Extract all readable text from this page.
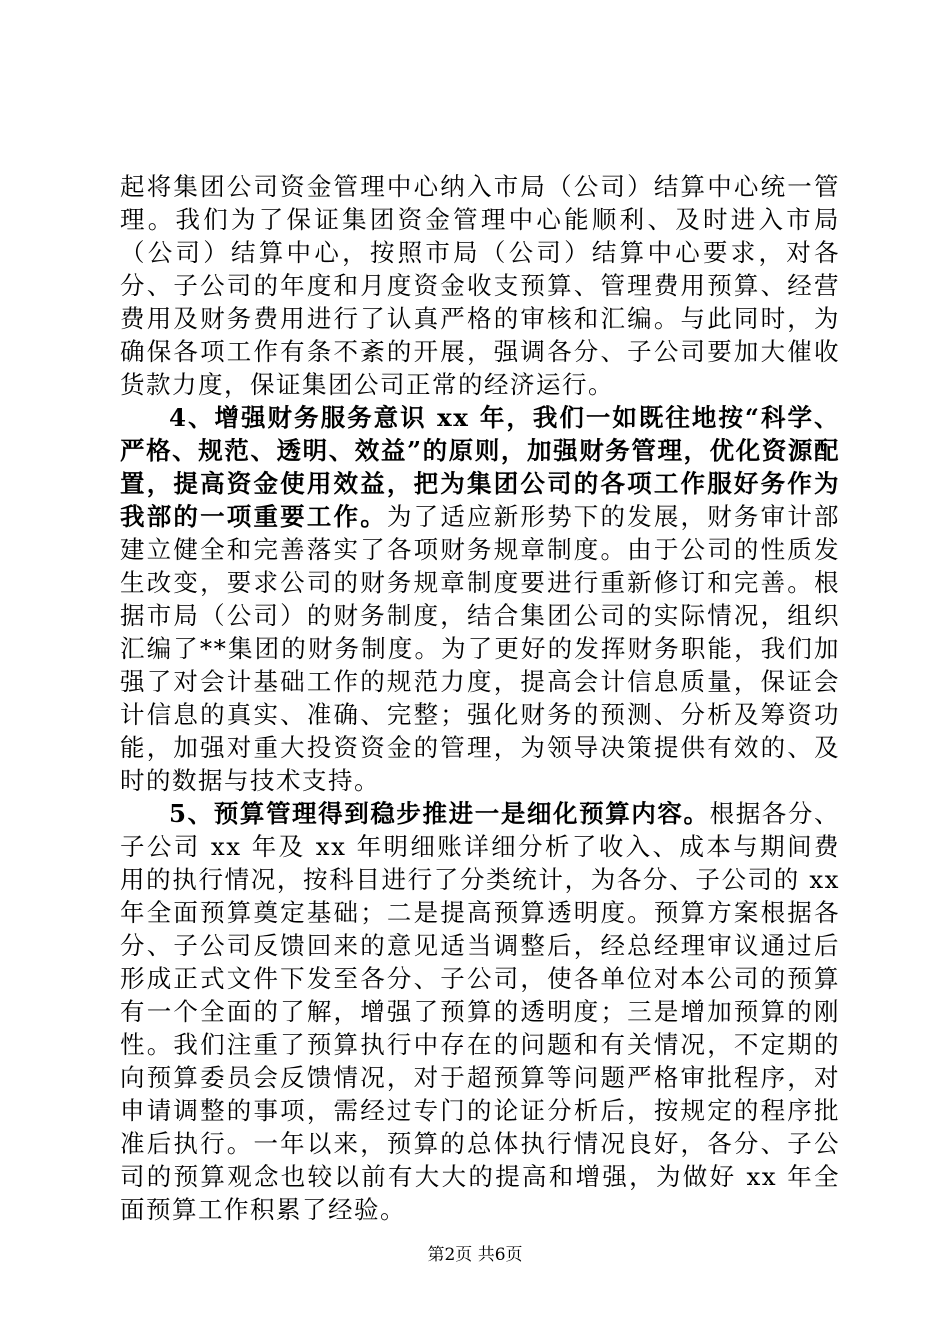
起将集团公司资金管理中心纳入市局（公司）结算中心统一管理。我们为了保证集团资金管理中心能顺利、及时进入市局（公司）结算中心，按照市局（公司）结算中心要求，对各分、子公司的年度和月度资金收支预算、管理费用预算、经营费用及财务费用进行了认真严格的审核和汇编。与此同时，为确保各项工作有条不紊的开展，强调各分、子公司要加大催收货款力度，保证集团公司正常的经济运行。

4、增强财务服务意识 xx 年，我们一如既往地按“科学、严格、规范、透明、效益”的原则，加强财务管理，优化资源配置，提高资金使用效益，把为集团公司的各项工作服好务作为我部的一项重要工作。为了适应新形势下的发展，财务审计部建立健全和完善落实了各项财务规章制度。由于公司的性质发生改变，要求公司的财务规章制度要进行重新修订和完善。根据市局（公司）的财务制度，结合集团公司的实际情况，组织汇编了**集团的财务制度。为了更好的发挥财务职能，我们加强了对会计基础工作的规范力度，提高会计信息质量，保证会计信息的真实、准确、完整；强化财务的预测、分析及筹资功能，加强对重大投资资金的管理，为领导决策提供有效的、及时的数据与技术支持。

5、预算管理得到稳步推进一是细化预算内容。根据各分、子公司 xx 年及 xx 年明细账详细分析了收入、成本与期间费用的执行情况，按科目进行了分类统计，为各分、子公司的 xx 年全面预算奠定基础；二是提高预算透明度。预算方案根据各分、子公司反馈回来的意见适当调整后，经总经理审议通过后形成正式文件下发至各分、子公司，使各单位对本公司的预算有一个全面的了解，增强了预算的透明度；三是增加预算的刚性。我们注重了预算执行中存在的问题和有关情况，不定期的向预算委员会反馈情况，对于超预算等问题严格审批程序，对申请调整的事项，需经过专门的论证分析后，按规定的程序批准后执行。一年以来，预算的总体执行情况良好，各分、子公司的预算观念也较以前有大大的提高和增强，为做好 xx 年全面预算工作积累了经验。

第2页 共6页
